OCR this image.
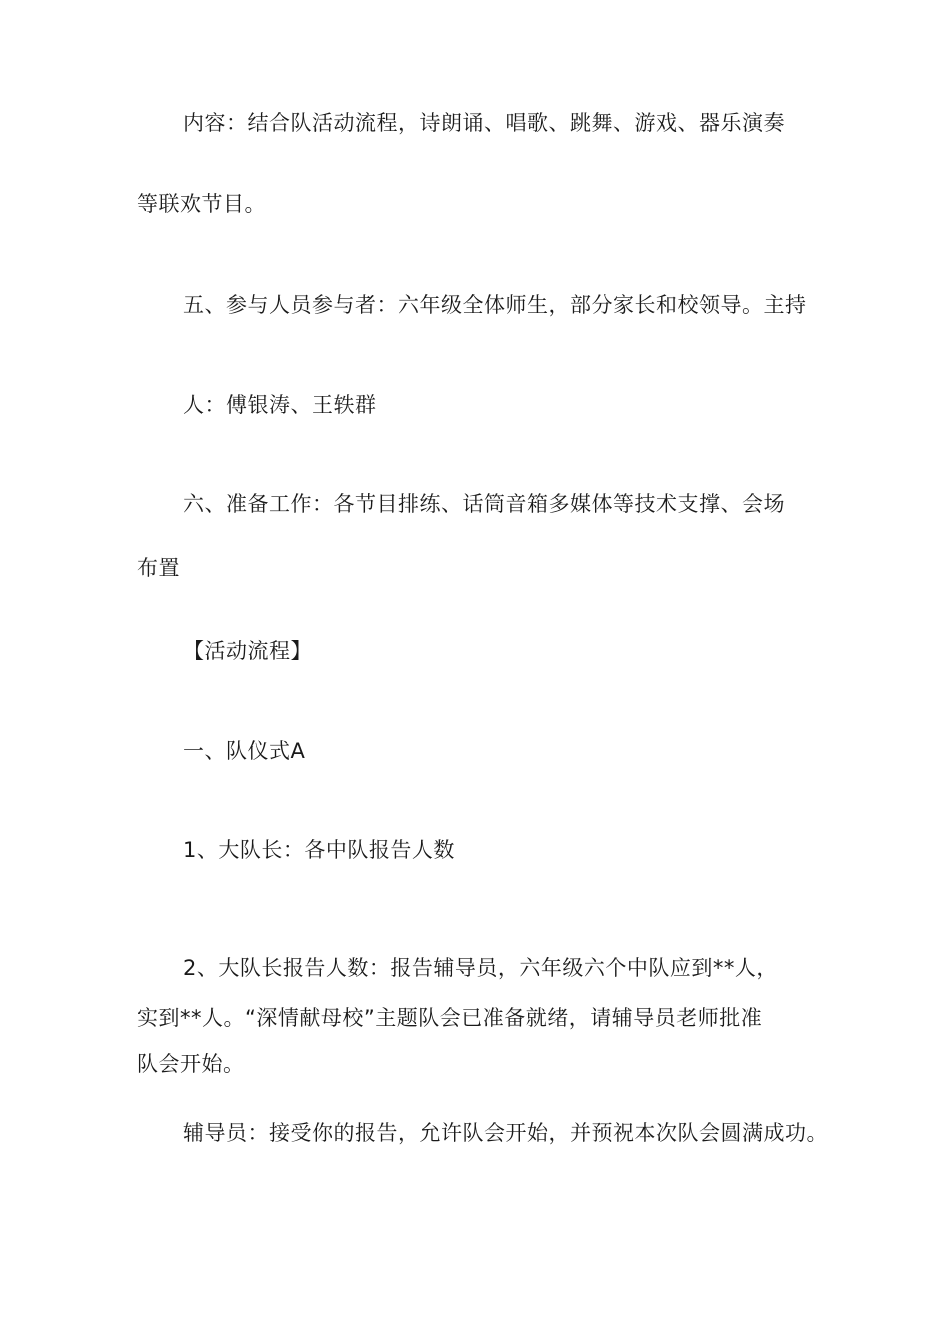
内容：结合队活动流程，诗朗诵、唱歌、跳舞、游戏、器乐演奏
等联欢节目。
五、参与人员参与者：六年级全体师生，部分家长和校领导。主持
人：傅银涛、王轶群
六、准备工作：各节目排练、话筒音箱多媒体等技术支撑、会场
布置
【活动流程】
一、队仪式A
1、大队长：各中队报告人数
2、大队长报告人数：报告辅导员，六年级六个中队应到**人，
实到**人。“深情献母校”主题队会已准备就绪，请辅导员老师批准
队会开始。
辅导员：接受你的报告，允许队会开始，并预祝本次队会圆满成功。
